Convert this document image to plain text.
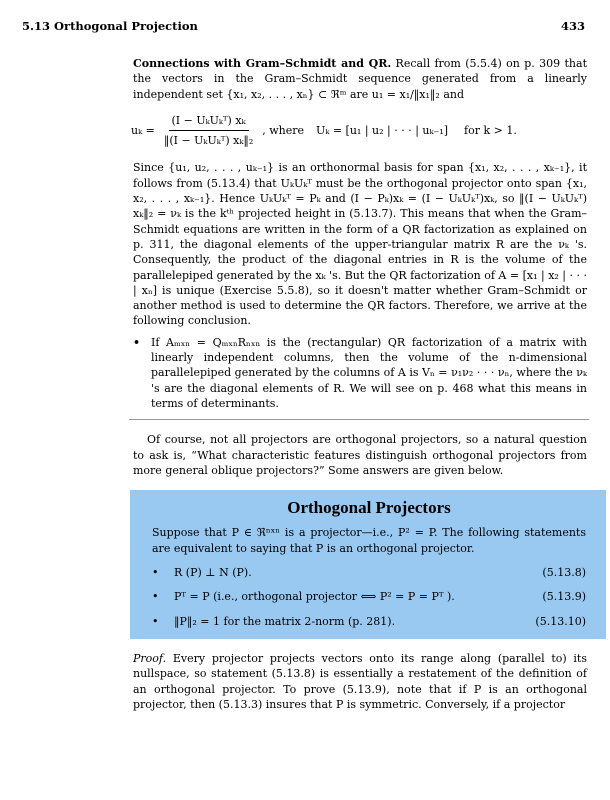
5.13 Orthogonal Projection	433

Connections with Gram–Schmidt and QR. Recall from (5.5.4) on p. 309 that the vectors in the Gram–Schmidt sequence generated from a linearly independent set {x₁, x₂, . . . , xₙ} ⊂ ℜᵐ are u₁ = x₁/‖x₁‖₂ and

$u_k = \frac{\text{(I − UₖUₖᵀ) xₖ}}{\text{‖(I − UₖUₖᵀ) xₖ‖₂}}$ , where Uₖ = [u₁ | u₂ | · · · | uₖ₋₁] for k > 1.

Since {u₁, u₂, . . . , uₖ₋₁} is an orthonormal basis for span {x₁, x₂, . . . , xₖ₋₁}, it follows from (5.13.4) that UₖUₖᵀ must be the orthogonal projector onto span {x₁, x₂, . . . , xₖ₋₁}. Hence UₖUₖᵀ = Pₖ and (I − Pₖ)xₖ = (I − UₖUₖᵀ)xₖ, so ‖(I − UₖUₖᵀ) xₖ‖₂ = νₖ is the kᵗʰ projected height in (5.13.7). This means that when the Gram–Schmidt equations are written in the form of a QR factorization as explained on p. 311, the diagonal elements of the upper-triangular matrix R are the νₖ 's. Consequently, the product of the diagonal entries in R is the volume of the parallelepiped generated by the xₖ 's. But the QR factorization of A = [x₁ | x₂ | · · · | xₙ] is unique (Exercise 5.5.8), so it doesn't matter whether Gram–Schmidt or another method is used to determine the QR factors. Therefore, we arrive at the following conclusion.

• If Aₘₓₙ = QₘₓₙRₙₓₙ is the (rectangular) QR factorization of a matrix with linearly independent columns, then the volume of the n-dimensional parallelepiped generated by the columns of A is Vₙ = ν₁ν₂ · · · νₙ, where the νₖ 's are the diagonal elements of R. We will see on p. 468 what this means in terms of determinants.

Of course, not all projectors are orthogonal projectors, so a natural question to ask is, “What characteristic features distinguish orthogonal projectors from more general oblique projectors?” Some answers are given below.

Orthogonal Projectors

Suppose that P ∈ ℜⁿˣⁿ is a projector—i.e., P² = P. The following statements are equivalent to saying that P is an orthogonal projector.

•	R (P) ⊥ N (P).	(5.13.8)
•	Pᵀ = P (i.e., orthogonal projector ⟺ P² = P = Pᵀ ).	(5.13.9)
•	‖P‖₂ = 1 for the matrix 2-norm (p. 281).	(5.13.10)

Proof. Every projector projects vectors onto its range along (parallel to) its nullspace, so statement (5.13.8) is essentially a restatement of the definition of an orthogonal projector. To prove (5.13.9), note that if P is an orthogonal projector, then (5.13.3) insures that P is symmetric. Conversely, if a projector
